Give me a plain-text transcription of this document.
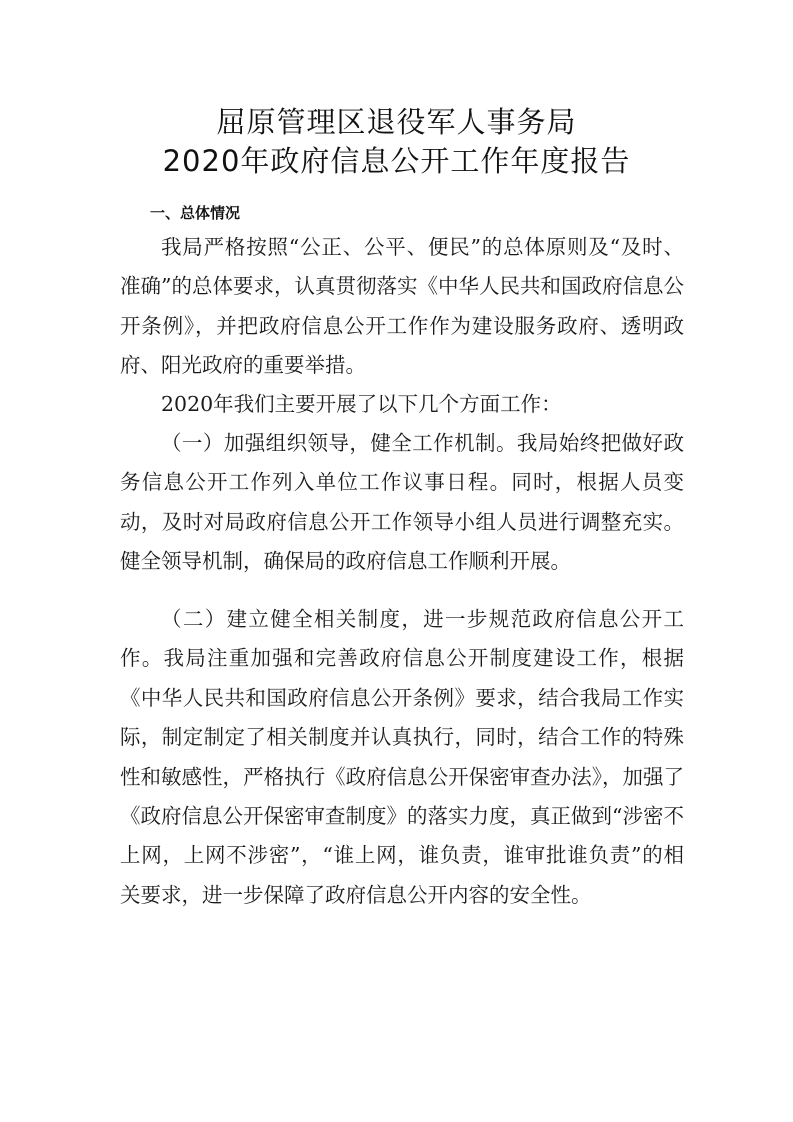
屈原管理区退役军人事务局
2020年政府信息公开工作年度报告
一、总体情况

我局严格按照“公正、公平、便民”的总体原则及“及时、准确”的总体要求，认真贯彻落实《中华人民共和国政府信息公开条例》，并把政府信息公开工作作为建设服务政府、透明政府、阳光政府的重要举措。

2020年我们主要开展了以下几个方面工作：

（一）加强组织领导，健全工作机制。我局始终把做好政务信息公开工作列入单位工作议事日程。同时，根据人员变动，及时对局政府信息公开工作领导小组人员进行调整充实。健全领导机制，确保局的政府信息工作顺利开展。

（二）建立健全相关制度，进一步规范政府信息公开工作。我局注重加强和完善政府信息公开制度建设工作，根据《中华人民共和国政府信息公开条例》要求，结合我局工作实际，制定制定了相关制度并认真执行，同时，结合工作的特殊性和敏感性，严格执行《政府信息公开保密审查办法》，加强了《政府信息公开保密审查制度》的落实力度，真正做到“涉密不上网，上网不涉密”，“谁上网，谁负责，谁审批谁负责”的相关要求，进一步保障了政府信息公开内容的安全性。
